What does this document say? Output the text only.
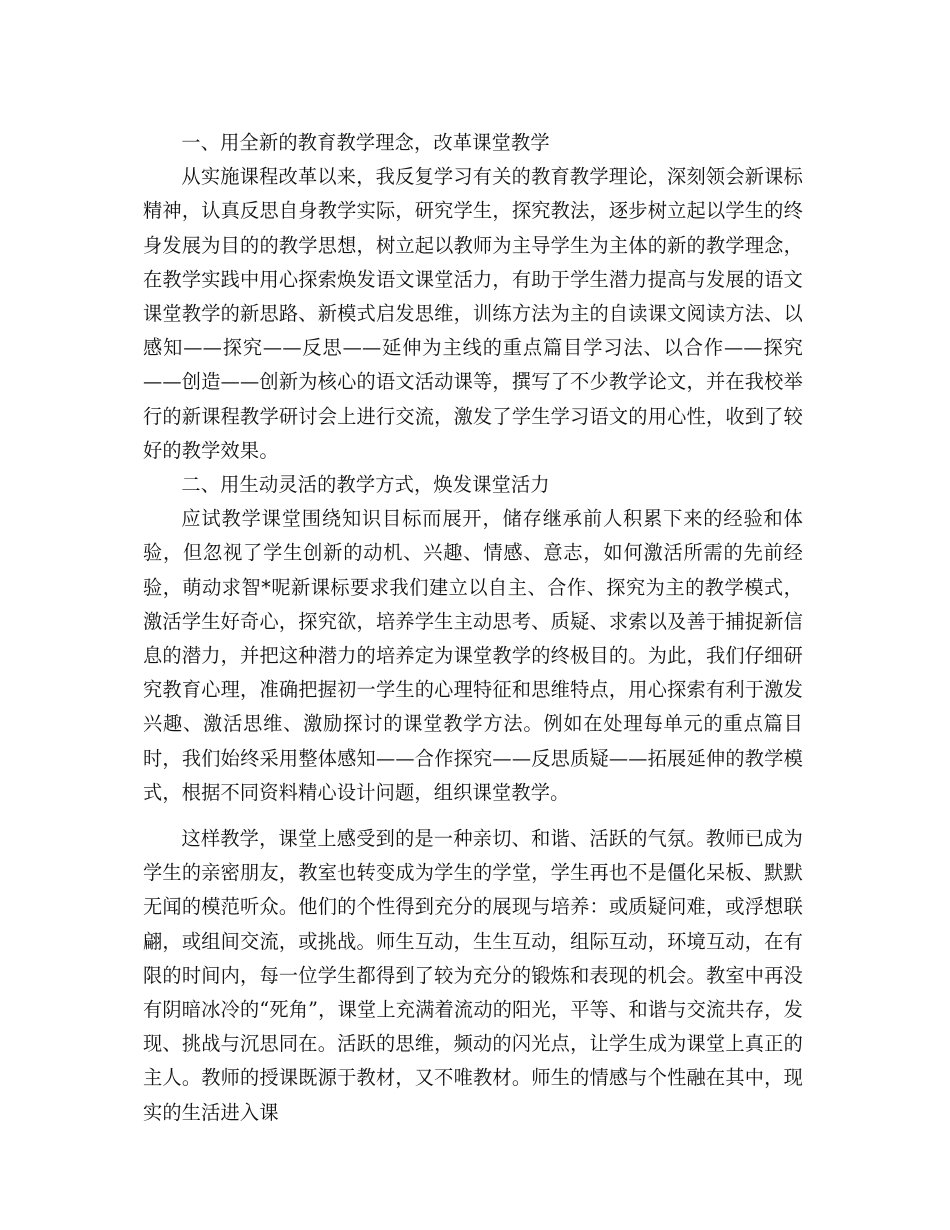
一、用全新的教育教学理念，改革课堂教学

从实施课程改革以来，我反复学习有关的教育教学理论，深刻领会新课标精神，认真反思自身教学实际，研究学生，探究教法，逐步树立起以学生的终身发展为目的的教学思想，树立起以教师为主导学生为主体的新的教学理念，在教学实践中用心探索焕发语文课堂活力，有助于学生潜力提高与发展的语文课堂教学的新思路、新模式启发思维，训练方法为主的自读课文阅读方法、以感知——探究——反思——延伸为主线的重点篇目学习法、以合作——探究——创造——创新为核心的语文活动课等，撰写了不少教学论文，并在我校举行的新课程教学研讨会上进行交流，激发了学生学习语文的用心性，收到了较好的教学效果。

二、用生动灵活的教学方式，焕发课堂活力

应试教学课堂围绕知识目标而展开，储存继承前人积累下来的经验和体验，但忽视了学生创新的动机、兴趣、情感、意志，如何激活所需的先前经验，萌动求智*呢新课标要求我们建立以自主、合作、探究为主的教学模式，激活学生好奇心，探究欲，培养学生主动思考、质疑、求索以及善于捕捉新信息的潜力，并把这种潜力的培养定为课堂教学的终极目的。为此，我们仔细研究教育心理，准确把握初一学生的心理特征和思维特点，用心探索有利于激发兴趣、激活思维、激励探讨的课堂教学方法。例如在处理每单元的重点篇目时，我们始终采用整体感知——合作探究——反思质疑——拓展延伸的教学模式，根据不同资料精心设计问题，组织课堂教学。

这样教学，课堂上感受到的是一种亲切、和谐、活跃的气氛。教师已成为学生的亲密朋友，教室也转变成为学生的学堂，学生再也不是僵化呆板、默默无闻的模范听众。他们的个性得到充分的展现与培养：或质疑问难，或浮想联翩，或组间交流，或挑战。师生互动，生生互动，组际互动，环境互动，在有限的时间内，每一位学生都得到了较为充分的锻炼和表现的机会。教室中再没有阴暗冰冷的“死角”，课堂上充满着流动的阳光，平等、和谐与交流共存，发现、挑战与沉思同在。活跃的思维，频动的闪光点，让学生成为课堂上真正的主人。教师的授课既源于教材，又不唯教材。师生的情感与个性融在其中，现实的生活进入课
